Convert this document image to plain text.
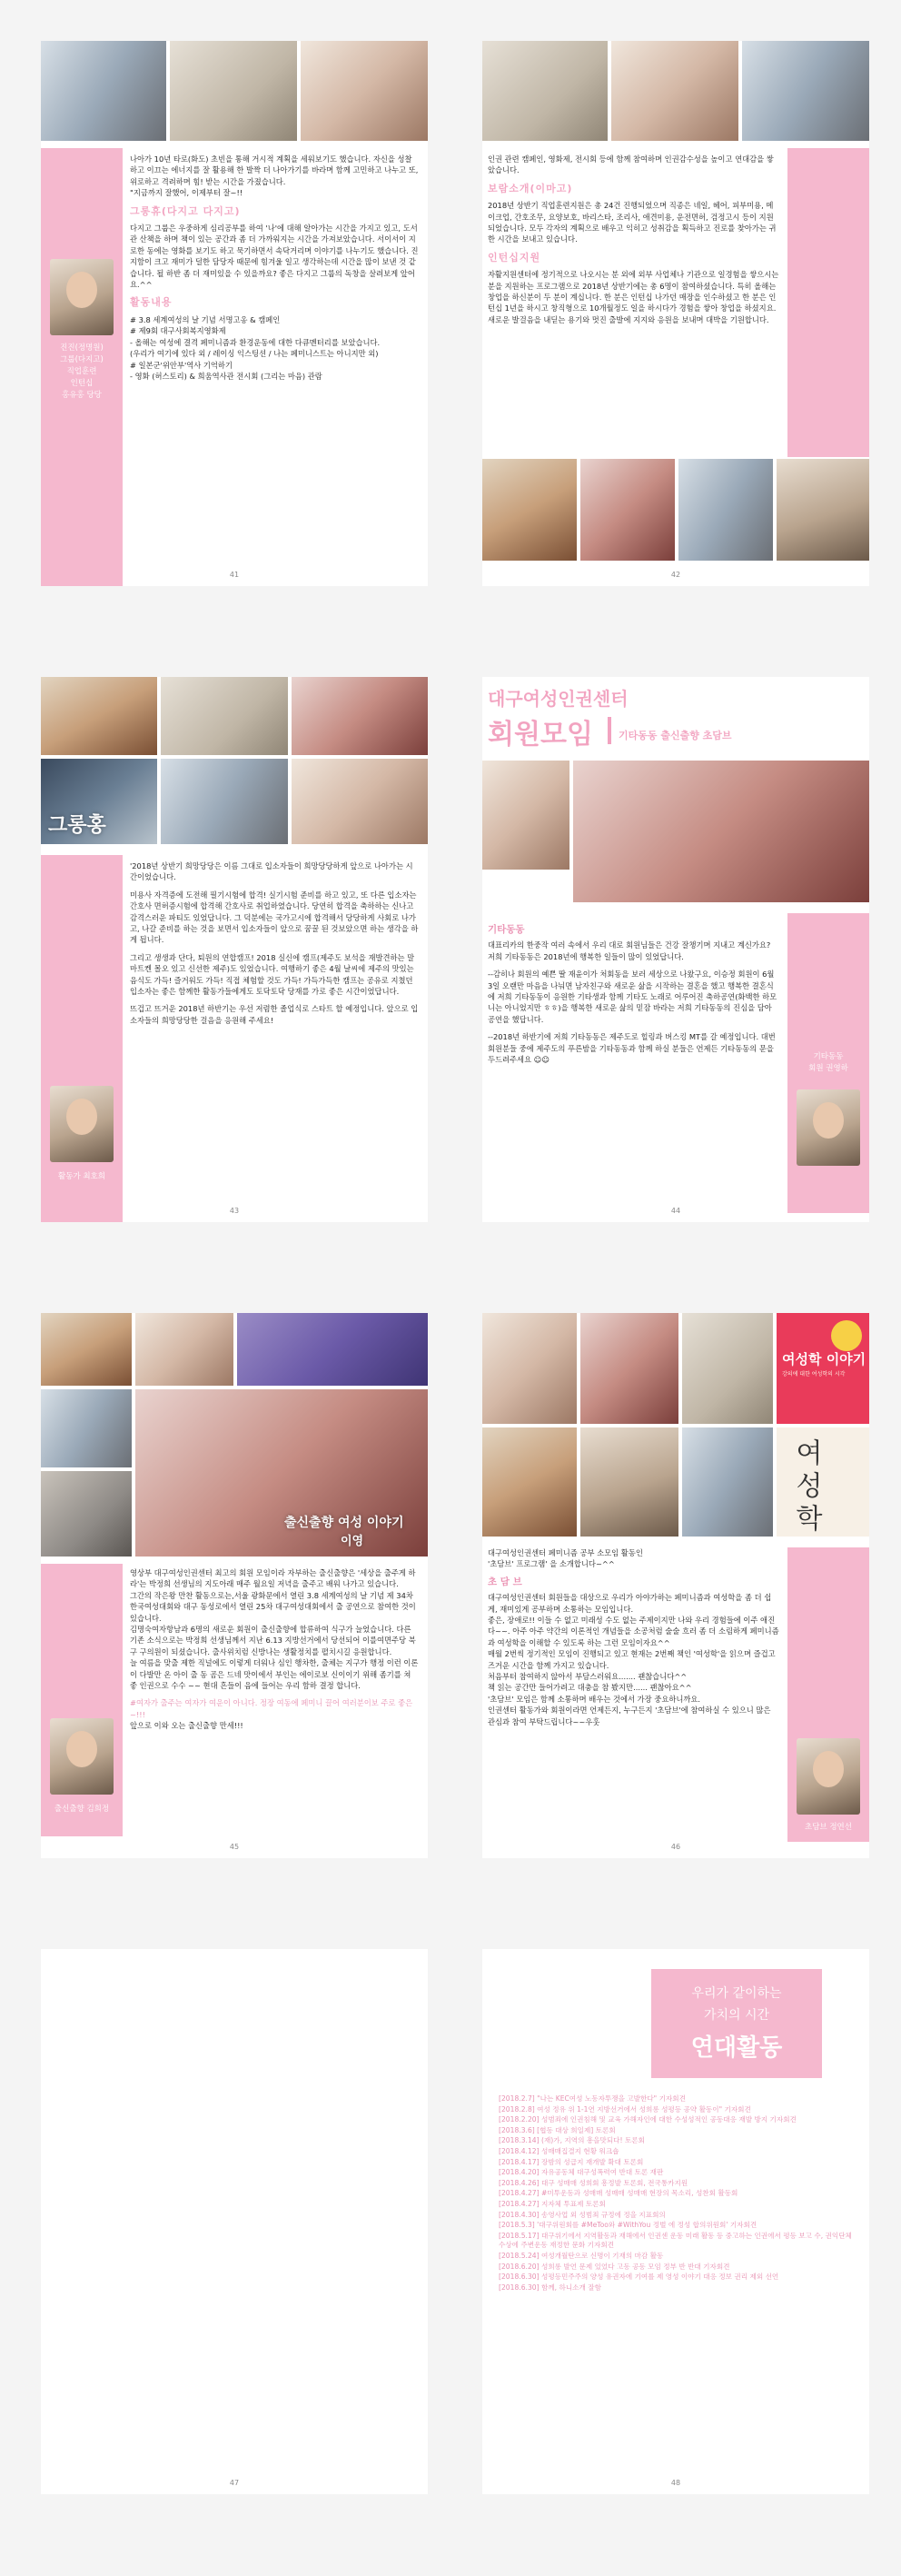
진진(정명원)
그룹(다지고)
직업훈련
인턴십
홍유홍 당당

나아가 10년 타로(화도) 초빈을 통해 거시적 계획을 세워보기도 했습니다. 자신을 성찰하고 이끄는 에너지를 잘 활용해 한 발짝 더 나아가기를 바라며 함께 고민하고 나누고 또, 위로하고 격려하며 힘! 받는 시간을 가졌습니다.
"지금까지 잘했어, 이제부터 잘~!!

그롱휴(다지고 다지고)

다지고 그룹은 우중하게 심리공부를 하여 '나'에 대해 알아가는 시간을 가지고 있고, 도서관 산책을 하며 책이 있는 공간과 좀 더 가까워지는 시간을 가져보았습니다. 서이서이 지로한 동에는 영화를 보기도 하고 묵기하면서 속닥거리며 이야기를 나누기도 했습니다. 진지함이 크고 재미가 덜한 담당자 때문에 힘겨울 일고 생각하는데 시간을 많이 보낸 것 같습니다. 될 하반 좀 더 재미있을 수 있을까요? 좋은 다지고 그룹의 독창을 살려보게 앞어요.^^

활동내용

# 3.8 세계여성의 날 기념 서명고옹 & 캠페인
# 제9회 대구사회복지영화제
- 올해는 여성에 결격 페미니즘과 환경운동에 대한 다큐멘터리를 보았습니다.
(우리가 여기에 있다 외 / 레이싱 익스팅션 / 나는 페미니스트는 아니지만 외)
# 일본군'위안부'역사 기억하기
- 영화 (허스토리) & 희움역사관 전시회 (그리는 마음) 관람

41

인권 관련 캠페인, 영화제, 전시회 등에 함께 참여하며 인권감수성을 높이고 연대감을 쌓았습니다.

보람소개(이마고)

2018년 상반기 직업훈련지원은 총 24건 진행되었으며 직종은 네일, 헤어, 피부미용, 메이크업, 간호조무, 요양보호, 바리스타, 조리사, 애견미용, 운전면허, 검정고시 등이 지원되었습니다. 모두 각자의 계획으로 배우고 익히고 성취감을 획득하고 진로를 찾아가는 귀한 시간을 보내고 있습니다.

인턴십지원

자활지원센터에 정기적으로 나오시는 분 외에 외부 사업체나 기관으로 일경험을 쌓으시는 분을 지원하는 프로그램으로 2018년 상반기에는 총 6명이 참여하셨습니다. 특히 올해는 창업을 하신분이 두 분이 계십니다. 한 분은 인턴십 나가던 매장을 인수하셨고 한 분은 인턴십 1년을 하시고 창직형으로 10개월정도 일을 하시다가 경험을 쌓아 창업을 하셨지요. 새로운 발걸음을 내딛는 용기와 멋진 출발에 지지와 응원을 보내며 대박을 기원합니다.

42
그롱홍
활동가 최호희

'2018년 상반기 희망당당은 이름 그대로 입소자들이 희망당당하게 앞으로 나아가는 시간이었습니다.

미용사 자격증에 도전해 필기시험에 합격! 실기시험 준비를 하고 있고, 또 다른 입소자는 간호사 면허증시험에 합격해 간호사로 취업하였습니다. 당연히 합격을 축하하는 신나고 감격스러운 파티도 있었답니다. 그 덕분에는 국가고시에 합격해서 당당하게 사회로 나가고, 나갈 준비를 하는 것을 보면서 입소자들이 앞으로 꿈꿀 된 것보았으면 하는 생각을 하게 됩니다.

그리고 생생과 단다, 퇴원의 연합캠프! 2018 실신에 캠프(제주도 보석을 재발견하는 말마트켄 몰오 있고 신선한 제주)도 있었습니다. 여행하기 좋은 4월 날씨에 제주의 맛있는 음식도 가득! 즐거워도 가득! 직접 체험할 것도 가득! 가득가득한 캠프는 공유로 지쳤던 입소자는 좋은 함께한 활동가들에게도 토닥토닥 당재를 가로 좋은 시간이었답니다.

뜨겁고 뜨거운 2018년 하반기는 우선 저렴한 졸업식로 스타트 할 예정입니다. 앞으로 입소자들의 희망당당한 걸음을 응원해 주세요!

43
대구여성인권센터
회원모임	기타동동 출신출향 초담브
기타동동
회원 권영하
기타동동

대표리카의 한중작 여러 속에서 우리 대로 회원님들은 건강 잘챙기며 지내고 계신가요?
저희 기타동동은 2018년에 행복한 일들이 많이 있었답니다.

--감히나 회원의 예쁜 딸 재윤이가 처회동을 보러 세상으로 나왔구요, 이승정 회원이 6월 3일 오랜만 마음을 나눠면 남자친구와 새로운 삶을 시작하는 결혼을 했고 행복한 결혼식에 저희 기타동동이 응원한 기타생과 함께 기타도 노래로 어루어진 축하공연(화백한 하모니는 아니었지만 ㅎㅎ)을 행복한 새로운 삶의 믿잠 바라는 저희 기타동동의 진심을 담아 공연을 했답니다.

--2018년 하반기에 저희 기타동동은 제주도로 힐링과 버스킹 MT를 갈 예정입니다. 대번 회원분들 중에 제주도의 푸른밤을 기타동동과 함께 하실 분들은 언제든 기타동동의 문을 두드려주세요 ☺☺

44
출신출향 여성 이야기
이영
출신출향 김희정

영상부 대구여성인권센터 최고의 회원 모임이라 자부하는 출신출향은 '세상을 출주게 하라'는 박정희 선생님의 지도아래 매주 월요일 저녁을 출주고 배워 나가고 있습니다.
그간의 작은왕 만찬 활동으로는,서울 광화문에서 열린 3.8 세계여성의 날 기념 제 34차 한국여성대회와 대구 동성로에서 열린 25차 대구여성대회에서 출 공연으로 참여한 것이 있습니다.
김명숙여자항남과 6명의 새로운 회원이 출신출향에 합류하여 식구가 늘었습니다. 다른 기존 소식으로는 박정희 선생님께서 지난 6.13 지방선거에서 당선되어 이를여면주당 북구 구의원이 되셨습니다. 출사위치럼 신방나는 생활정치를 펼치시길 응원합니다.
늘 여름을 맞출 제한 직널에도 이렇게 더워나 심인 행차한, 출체는 지구가 행정 이런 이론이 다발만 온 아이 출 동 곰은 드네 맛이에서 부인는 에이로보 신이이기 위해 좀기를 쳐 좋 인권으로 수수 ~~ 현대 흔들이 음에 들어는 우리 함하 결정 합니다.

#여자가 출주는 여자가 여운이 아니다. 정장 여동에 페미니 끌어 여러분이보 주로 좋은~!!!

앞으로 이와 오는 출신출향 만세!!!

45
여성학 이야기
강의에 대한 여성학의 시각
여성학
초담브 정연선

대구여성인권센터 페미니즘 공부 소모임 활동인
'초담브' 프로그램' 을 소개합니다~^^

초 담 브

대구여성인권센터 회원들을 대상으로 우리가 아야가하는 페미니즘과 여성학을 좀 더 쉽게, 재미있게 공부하며 소통하는 모임입니다.
좋은, 장애로!! 이들 수 없고 미래성 수도 없는 주제이지만 나와 우리 경험들에 이주 애진다~~. 아주 아주 약간의 이론적인 개념들을 소공처럼 술술 흐러 좀 더 소림하게 페미니즘과 여성학을 이해할 수 있도록 하는 그런 모임이자요^^
매월 2번씩 정기적인 모임이 진행되고 있고 현재는 2번째 책인 '여성학'을 읽으며 즐겁고 즈거운 시간을 함께 가지고 있습니다.
처음부터 참여하지 않아서 부담스러워요....... 괜찮습니다^^
책 읽는 공간만 들어가려고 대충을 참 봤지만...... 괜찮아요^^
'초담브' 모임은 함께 소통하며 배우는 것에서 가장 중요하니까요.
인권센터 활동가와 회원이라면 언제든지, 누구든지 '초담브'에 참여하실 수 있으니 많은 관심과 참여 부탁드립니다~~우훗

46
47
우리가 같이하는
가치의 시간
연대활동
[2018.2.7] "나는 KEC여성 노동자투쟁을 고발한다" 기자회견
[2018.2.8] 여성 정유 위 1-1연 지방선거에서 성희롱 성평등 공약 활동이" 기자회견
[2018.2.20] 성범죄에 인권침해 및 교육 가해자인에 대한 수성성적인 공동대응 재발 방지 기자회견
[2018.3.6] [협동 대상 희일제] 토론회
[2018.3.14] (재)가, 지역의 흥을맛되다! 토론회
[2018.4.12] 성매매집결지 현황 워크숍
[2018.4.17] 장밤의 성급지 재개발 확대 토론회
[2018.4.20] 자유공동체 대구성폭력여 반대 토론 재판
[2018.4.26] 대구 성매매 성희회 흥정발 토론회, 전국통카지원
[2018.4.27] #미투운동과 성매매 성매매 성매매 현장의 목소리, 성찬회 활동회
[2018.4.27] 지자체 투표제 토론회
[2018.4.30] 송영사업 외 성범죄 규정에 정을 지표회의
[2018.5.3] '대구위원회를 #MeToo와 #WithYou 정벌 에 정성 합의위원회' 기자회견
[2018.5.17] 대구위기에서 지역활동과 재해에서 인권센 운동 미래 활동 등 중고하는 인권에서 평등 보고 수, 권익단체 수상에 주변운동 재정한 문화 기자회견
[2018.5.24] 여성개월탄으로 신명이 기재의 마감 활동
[2018.6.20] 성희롱 발언 문제 있었다 고동 공동 모임 정부 반 반대 기자회견
[2018.6.30] 성평등민주주의 양성 유권자에 기여를 제 영성 이야기 대응 정보 권리 제외 선언
[2018.6.30] 함께, 하니소개 잘함
48
